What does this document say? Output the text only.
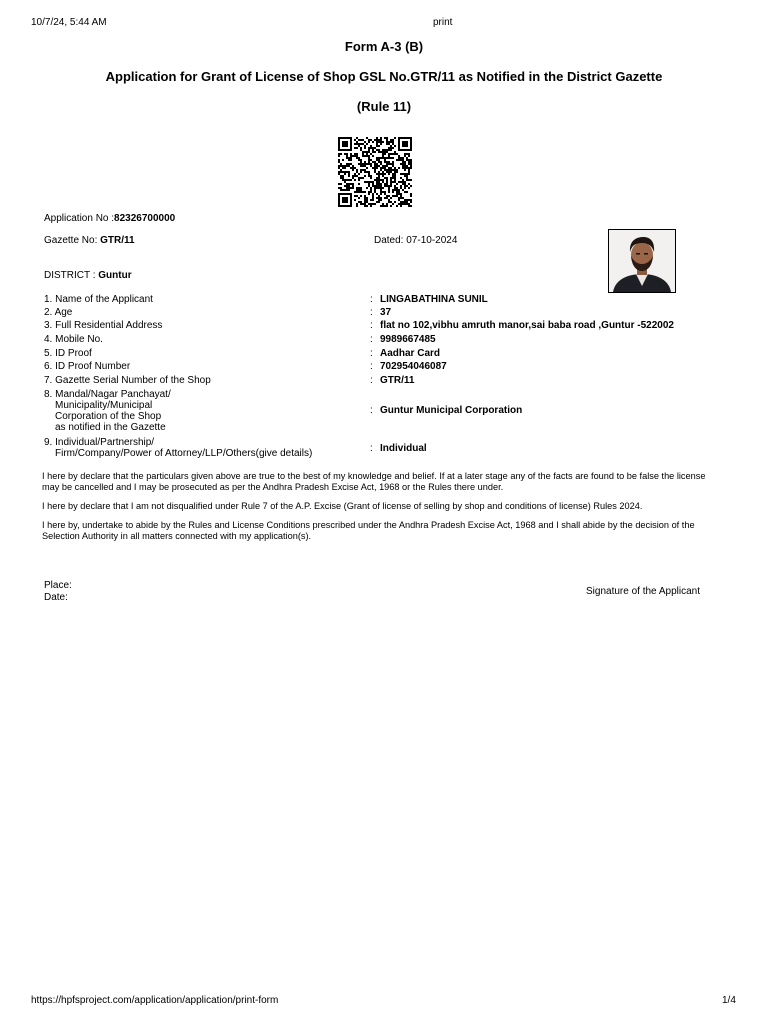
10/7/24, 5:44 AM	print
Form A-3 (B)
Application for Grant of License of Shop GSL No.GTR/11 as Notified in the District Gazette
(Rule 11)
Application No :82326700000
Gazette No: GTR/11	Dated: 07-10-2024
DISTRICT : Guntur
1. Name of the Applicant	: LINGABATHINA SUNIL
2. Age	: 37
3. Full Residential Address	: flat no 102,vibhu amruth manor,sai baba road ,Guntur -522002
4. Mobile No.	: 9989667485
5. ID Proof	: Aadhar Card
6. ID Proof Number	: 702954046087
7. Gazette Serial Number of the Shop	: GTR/11
8. Mandal/Nagar Panchayat/
Municipality/Municipal
Corporation of the Shop
as notified in the Gazette
: Guntur Municipal Corporation
9. Individual/Partnership/
Firm/Company/Power of Attorney/LLP/Others(give details)	: Individual
I here by declare that the particulars given above are true to the best of my knowledge and belief. If at a later stage any of the facts are found to be false the license may be cancelled and I may be prosecuted as per the Andhra Pradesh Excise Act, 1968 or the Rules there under.
I here by declare that I am not disqualified under Rule 7 of the A.P. Excise (Grant of license of selling by shop and conditions of license) Rules 2024.
I here by, undertake to abide by the Rules and License Conditions prescribed under the Andhra Pradesh Excise Act, 1968 and I shall abide by the decision of the Selection Authority in all matters connected with my application(s).
Place:
Date:
Signature of the Applicant
https://hpfsproject.com/application/application/print-form	1/4
